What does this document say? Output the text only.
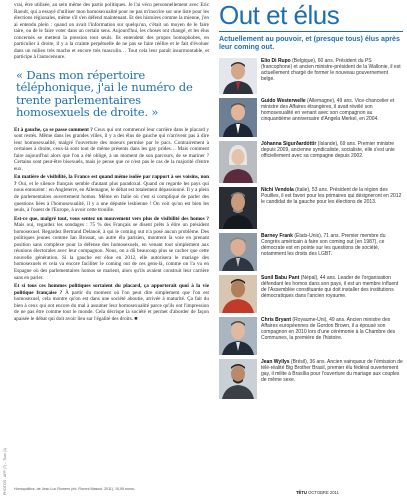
PHOTOS : AFP (7) – Tous (1)

vrai, être utilisée, au sein même des partis politiques. Je l'ai vécu personnellement avec Eric Raoult, qui a essayé d'utiliser mon homosexualité pour ne pas m'inscrire sur une liste pour les élections régionales, même s'il s'en défend maintenant. Et des histoires comme la mienne, j'en ai entendu plein : quand on avait l'information sur quelqu'un, c'était un moyen de le faire taire, ou de le faire voter dans un certain sens. Aujourd'hui, les choses ont changé, et les élus concernés se mettent la pression tout seuls. Ils entendent des propos homophobes, en particulier à droite, il y a la crainte perpétuelle de ne pas se faire réélire et le fait d'évoluer dans un milieu très macho et encore très masculin… Tout cela leur paraît insurmontable, et participe à l'autocensure.

« Dans mon répertoire téléphonique, j'ai le numéro de trente parlementaires homosexuels de droite. »

Et à gauche, ça se passe comment ? Ceux qui ont commencé leur carrière dans le placard y sont restés. Même dans les grandes villes, il y a des élus de gauche qui n'arrivent pas à dire leur homosexualité, malgré l'ouverture des moeurs permise par le pacs. Contrairement à certaines à droite, ceux-là sont tout de même présents dans les gay prides… Mais comment faire aujourd'hui alors que l'on a été obligé, à un moment de son parcours, de se mariner ? Certains sont peut-être bisexuels, mais je pense que ce n'est pas le cas de la majorité d'entre eux.

En matière de visibilité, la France est quand même isolée par rapport à ses voisins, non ? Oui, et le silence français semble d'autant plus paradoxal. Quand on regarde les pays qui nous entourent : en Angleterre, en Allemagne, le débat est totalement dépassionné. Il y a plein de parlementaires ouvertement homos. Même en Italie où c'est si compliqué de parler des questions liées à l'homosexualité, il y a une députée lesbienne ! On voit qu'on est bien les seuls, à l'ouest de l'Europe, à avoir cette trouille.

Est-ce que, malgré tout, vous sentez un mouvement vers plus de visibilité des homos ? Mais oui, regardez les sondages : 75 % des Français se disent prêts à élire un président homosexuel. Regardez Bertrand Delanoë, à qui le coming out n'a posé aucun problème. Des politiques jeunes comme Ian Brossat, un autre élu parisien, montrent la voie en prenant position sans complexe pour la défense des homosexuels, en venant tout simplement aux réunions électorales avec leur compagnon. Nous, on a dû beaucoup plus se cacher que cette nouvelle génération. Si la gauche est élue en 2012, elle autorisera le mariage des homosexuels et cela va encore faciliter le coming out de ces gens-là, comme on l'a vu en Espagne où des parlementaires homos se marient, alors qu'ils avaient construit leur carrière sans en parler.

Et si tous ces hommes politiques sortaient du placard, ça apporterait quoi à la vie politique française ? À partir du moment où l'on peut dire simplement que l'on est homosexuel, cela montre qu'on est dans une société aboutie, arrivée à maturité. Ça fait du bien à ceux qui ont encore du mal à assumer leur homosexualité parce qu'ils ont l'impression de ne pas être comme tout le monde. Cela décrispe la société et permet d'aborder de façon apaisée le débat qui doit avoir lieu sur l'égalité des droits. ■

Homopolitics, de Jean-Luc Romero (éd. Florent Massot, 2011), 15,95 euros.
Out et élus
Actuellement au pouvoir, et (presque tous) élus après leur coming out.
Elio Di Rupo (Belgique), 60 ans. Président du PS (francophone) et ancien ministre-président de la Wallonie, il est actuellement chargé de former le nouveau gouvernement belge.
Guido Westerwelle (Allemagne), 49 ans. Vice-chancelier et ministre des Affaires étrangères, il avait révélé son homosexualité en venant avec son compagnon au cinquantième anniversaire d'Angela Merkel, en 2004.
Jóhanna Sigurðardóttir (Islande), 69 ans. Premier ministre depuis 2009, ancienne syndicaliste, socialiste, elle s'est unie officiellement avec sa compagne depuis 2002.
Nichi Vendola (Italie), 53 ans. Président de la région des Pouilles, il est favori pour les primaires qui désigneront en 2012 le candidat de la gauche pour les élections de 2013.
Barney Frank (États-Unis), 71 ans. Premier membre du Congrès américain à faire son coming out (en 1987), ce démocrate est en pointe sur les questions de société, notamment les droits des LGBT.
Sunil Babu Pant (Népal), 44 ans. Leader de l'organisation défendant les homos dans son pays, il est un membre influent de l'Assemblée constituante qui doit installer des institutions démocratiques dans l'ancien royaume.
Chris Bryant (Royaume-Uni), 49 ans. Ancien ministre des Affaires européennes de Gordon Brown, il a épousé son compagnon en 2010 lors d'une cérémonie à la Chambre des Communes, la première de l'histoire.
Jean Wyllys (Brésil), 36 ans. Ancien vainqueur de l'émission de télé-réalité Big Brother Brasil, premier élu fédéral ouvertement gay, il milite à Brasília pour l'ouverture du mariage aux couples de même sexe.
TÊTU OCTOBRE 2011
